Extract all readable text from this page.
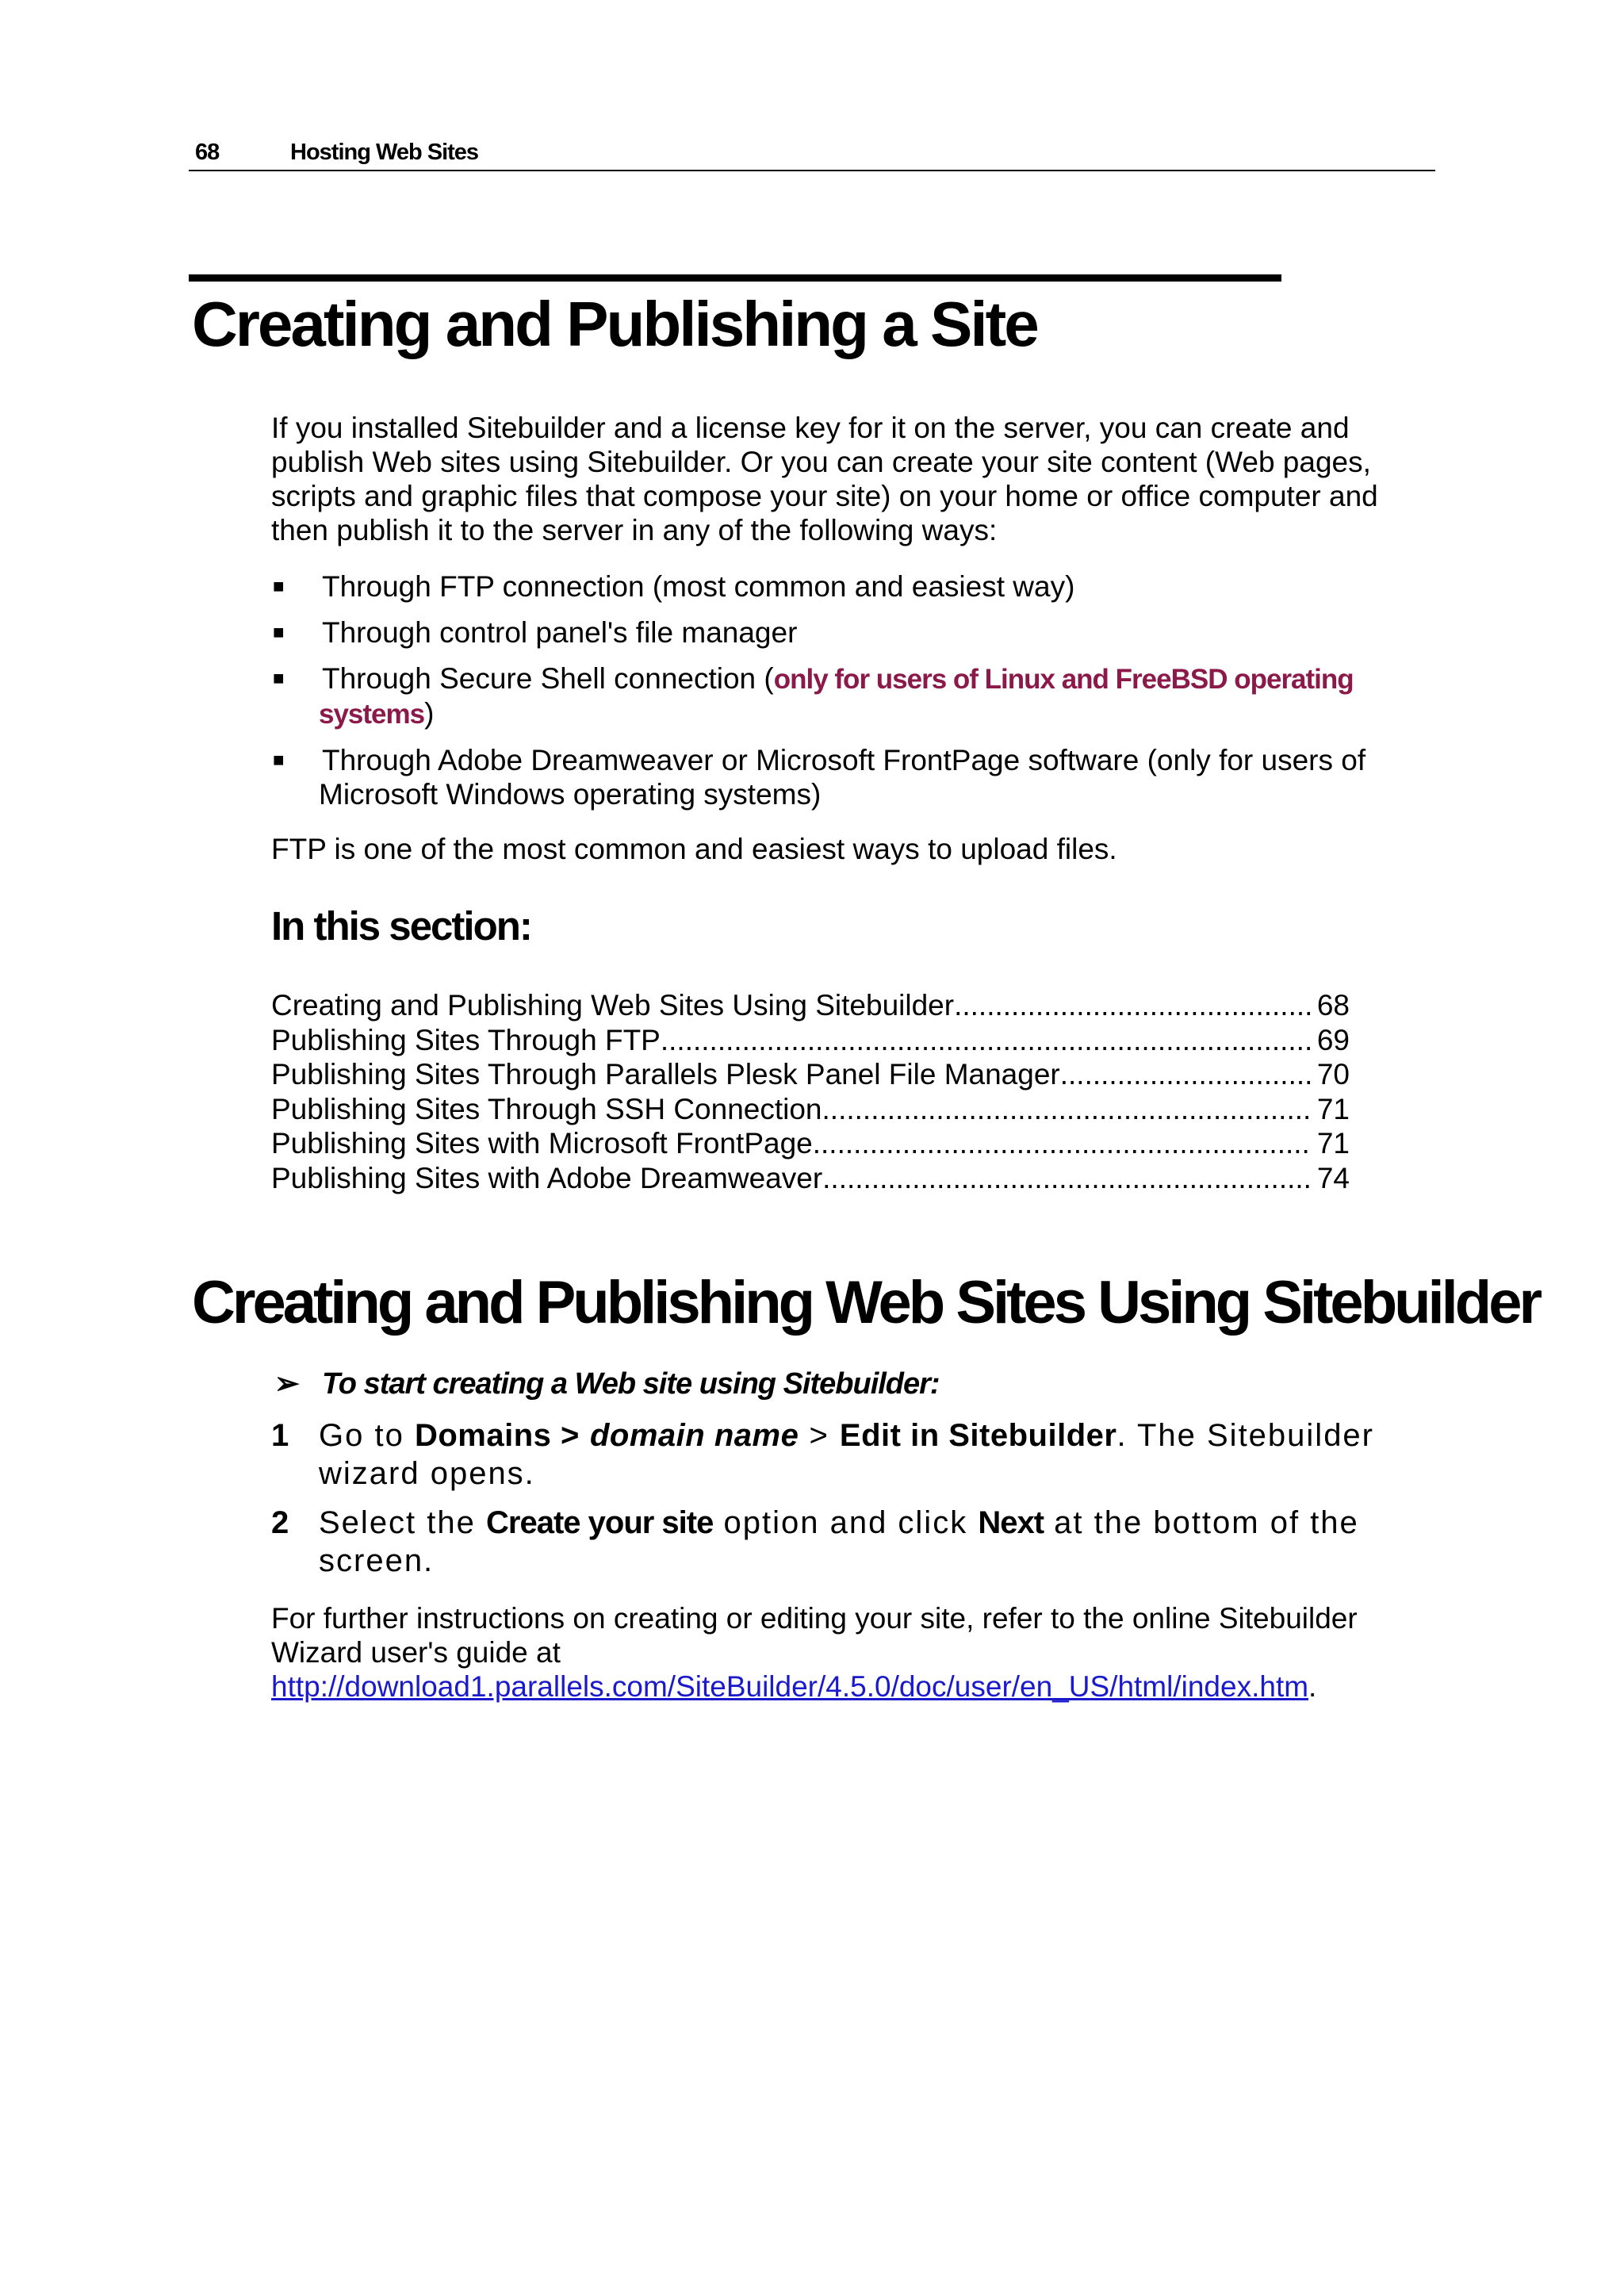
68	Hosting Web Sites
Creating and Publishing a Site

If you installed Sitebuilder and a license key for it on the server, you can create and publish Web sites using Sitebuilder. Or you can create your site content (Web pages, scripts and graphic files that compose your site) on your home or office computer and then publish it to the server in any of the following ways:

■ Through FTP connection (most common and easiest way)
■ Through control panel's file manager
■ Through Secure Shell connection (only for users of Linux and FreeBSD operating systems)
■ Through Adobe Dreamweaver or Microsoft FrontPage software (only for users of Microsoft Windows operating systems)

FTP is one of the most common and easiest ways to upload files.

In this section:
Creating and Publishing Web Sites Using Sitebuilder .....	68
Publishing Sites Through FTP .....	69
Publishing Sites Through Parallels Plesk Panel File Manager .....	70
Publishing Sites Through SSH Connection .....	71
Publishing Sites with Microsoft FrontPage .....	71
Publishing Sites with Adobe Dreamweaver .....	74
Creating and Publishing Web Sites Using Sitebuilder
➢ To start creating a Web site using Sitebuilder:
1 Go to Domains > domain name > Edit in Sitebuilder. The Sitebuilder wizard opens.
2 Select the Create your site option and click Next at the bottom of the screen.

For further instructions on creating or editing your site, refer to the online Sitebuilder Wizard user's guide at
http://download1.parallels.com/SiteBuilder/4.5.0/doc/user/en_US/html/index.htm.
